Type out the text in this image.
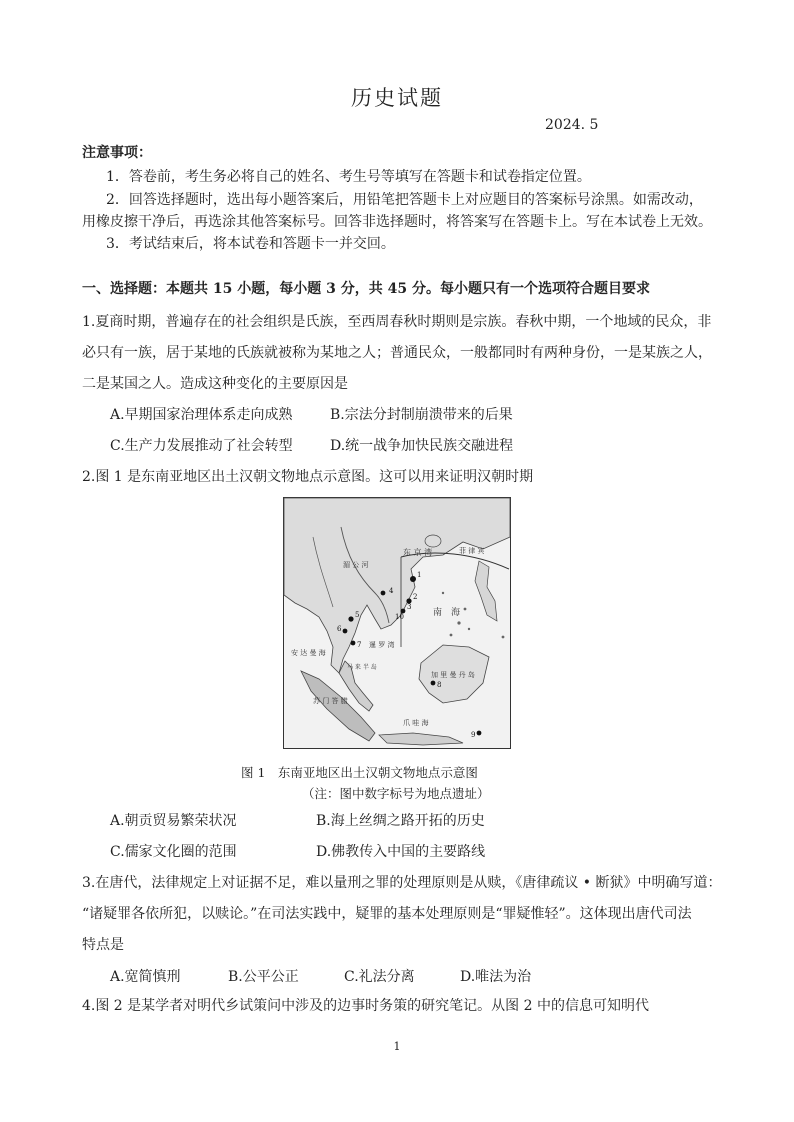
历史试题
2024. 5
注意事项：
1．答卷前，考生务必将自己的姓名、考生号等填写在答题卡和试卷指定位置。
2．回答选择题时，选出每小题答案后，用铅笔把答题卡上对应题目的答案标号涂黑。如需改动，
用橡皮擦干净后，再选涂其他答案标号。回答非选择题时，将答案写在答题卡上。写在本试卷上无效。
3．考试结束后，将本试卷和答题卡一并交回。
一、选择题：本题共 15 小题，每小题 3 分，共 45 分。每小题只有一个选项符合题目要求
1.夏商时期，普遍存在的社会组织是氏族，至西周春秋时期则是宗族。春秋中期，一个地域的民众，非
必只有一族，居于某地的氏族就被称为某地之人；普通民众，一般都同时有两种身份，一是某族之人，
二是某国之人。造成这种变化的主要原因是
A.早期国家治理体系走向成熟	B.宗法分封制崩溃带来的后果
C.生产力发展推动了社会转型	D.统一战争加快民族交融进程
2.图 1 是东南亚地区出土汉朝文物地点示意图。这可以用来证明汉朝时期
东 京 湾
南　海
暹 罗 湾
菲 律 宾
加 里 曼 丹 岛
苏 门 答 腊
爪 哇 海
安 达 曼 海
马 来 半 岛
湄 公 河
1
2
3
4
5
6
7
8
9
10
图 1　东南亚地区出土汉朝文物地点示意图
（注：图中数字标号为地点遗址）
A.朝贡贸易繁荣状况	B.海上丝绸之路开拓的历史
C.儒家文化圈的范围	D.佛教传入中国的主要路线
3.在唐代，法律规定上对证据不足，难以量刑之罪的处理原则是从赎，《唐律疏议 • 断狱》中明确写道：
“诸疑罪各依所犯，以赎论。”在司法实践中，疑罪的基本处理原则是“罪疑惟轻”。这体现出唐代司法
特点是
A.宽简慎刑	B.公平公正	C.礼法分离	D.唯法为治
4.图 2 是某学者对明代乡试策问中涉及的边事时务策的研究笔记。从图 2 中的信息可知明代
1
